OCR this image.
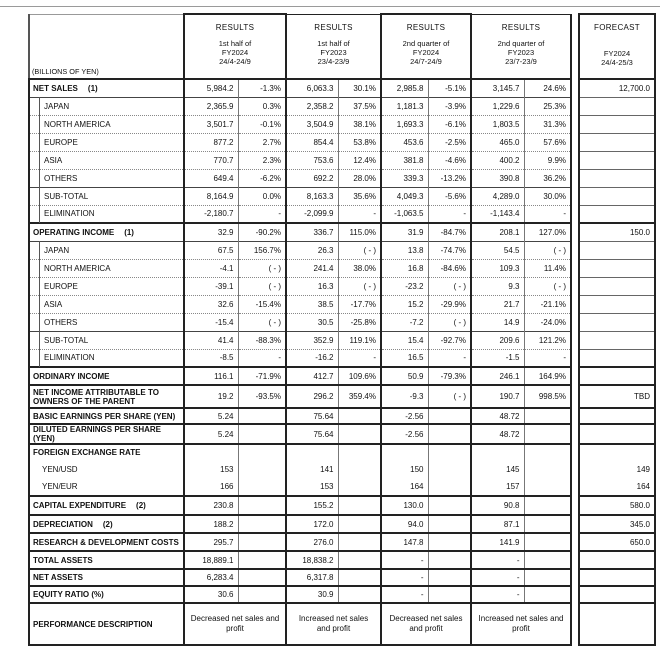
(BILLIONS OF YEN)	
RESULTS
1st half of
FY2024
24/4-24/9

RESULTS
1st half of
FY2023
23/4-23/9

RESULTS
2nd quarter of
FY2024
24/7-24/9

RESULTS
2nd quarter of
FY2023
23/7-23/9

FORECAST
FY2024
24/4-25/3

NET SALES (1)	5,984.2	-1.3%	6,063.3	30.1%	2,985.8	-5.1%	3,145.7	24.6%		12,700.0
JAPAN	2,365.9	0.3%	2,358.2	37.5%	1,181.3	-3.9%	1,229.6	25.3%		
NORTH AMERICA	3,501.7	-0.1%	3,504.9	38.1%	1,693.3	-6.1%	1,803.5	31.3%		
EUROPE	877.2	2.7%	854.4	53.8%	453.6	-2.5%	465.0	57.6%		
ASIA	770.7	2.3%	753.6	12.4%	381.8	-4.6%	400.2	9.9%		
OTHERS	649.4	-6.2%	692.2	28.0%	339.3	-13.2%	390.8	36.2%		
SUB-TOTAL	8,164.9	0.0%	8,163.3	35.6%	4,049.3	-5.6%	4,289.0	30.0%		
ELIMINATION	-2,180.7	-	-2,099.9	-	-1,063.5	-	-1,143.4	-		
OPERATING INCOME (1)	32.9	-90.2%	336.7	115.0%	31.9	-84.7%	208.1	127.0%		150.0
JAPAN	67.5	156.7%	26.3	( - )	13.8	-74.7%	54.5	( - )		
NORTH AMERICA	-4.1	( - )	241.4	38.0%	16.8	-84.6%	109.3	11.4%		
EUROPE	-39.1	( - )	16.3	( - )	-23.2	( - )	9.3	( - )		
ASIA	32.6	-15.4%	38.5	-17.7%	15.2	-29.9%	21.7	-21.1%		
OTHERS	-15.4	( - )	30.5	-25.8%	-7.2	( - )	14.9	-24.0%		
SUB-TOTAL	41.4	-88.3%	352.9	119.1%	15.4	-92.7%	209.6	121.2%		
ELIMINATION	-8.5	-	-16.2	-	16.5	-	-1.5	-		
ORDINARY INCOME	116.1	-71.9%	412.7	109.6%	50.9	-79.3%	246.1	164.9%		
NET INCOME ATTRIBUTABLE TO OWNERS OF THE PARENT	19.2	-93.5%	296.2	359.4%	-9.3	( - )	190.7	998.5%		TBD
BASIC EARNINGS PER SHARE (YEN)	5.24		75.64		-2.56		48.72			
DILUTED EARNINGS PER SHARE (YEN)	5.24		75.64		-2.56		48.72			
FOREIGN EXCHANGE RATE										
YEN/USD	153		141		150		145			149
YEN/EUR	166		153		164		157			164
CAPITAL EXPENDITURE (2)	230.8		155.2		130.0		90.8			580.0
DEPRECIATION (2)	188.2		172.0		94.0		87.1			345.0
RESEARCH & DEVELOPMENT COSTS	295.7		276.0		147.8		141.9			650.0
TOTAL ASSETS	18,889.1		18,838.2		-		-			
NET ASSETS	6,283.4		6,317.8		-		-			
EQUITY RATIO (%)	30.6		30.9		-		-			
PERFORMANCE DESCRIPTION	Decreased net sales and profit		Increased net sales and profit		Decreased net sales and profit		Increased net sales and profit			
